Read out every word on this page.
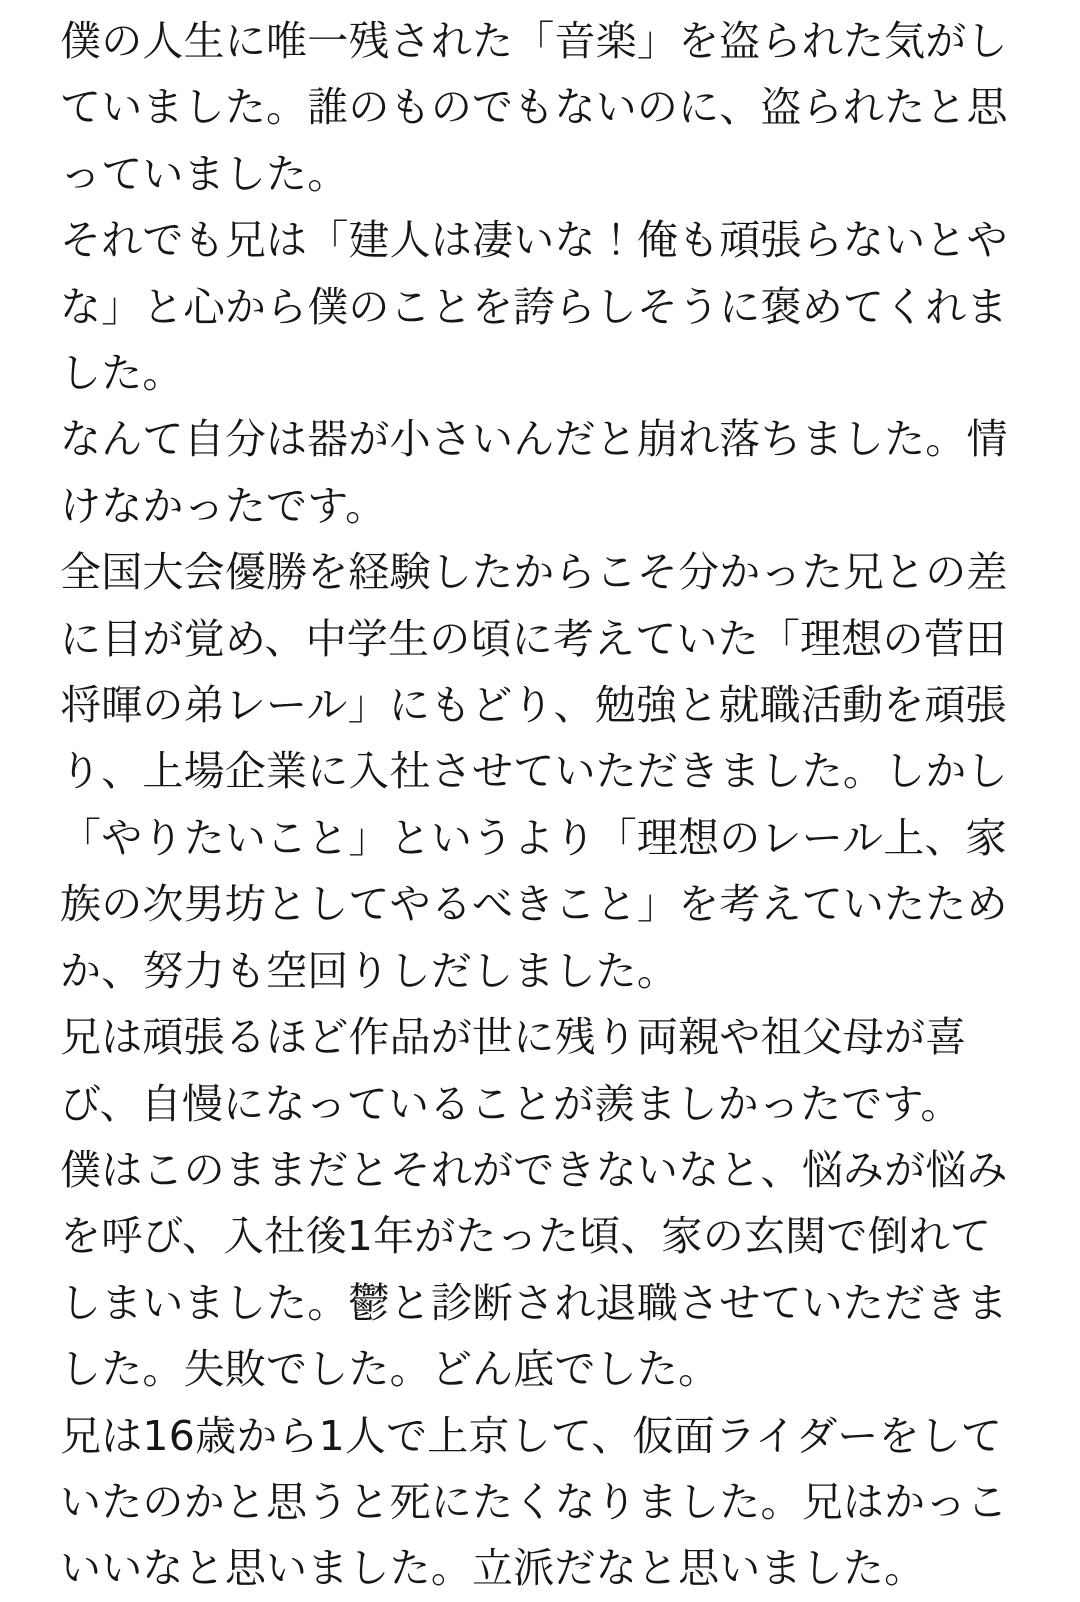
僕の人生に唯一残された「音楽」を盗られた気がしていました。誰のものでもないのに、盗られたと思っていました。

それでも兄は「建人は凄いな！俺も頑張らないとやな」と心から僕のことを誇らしそうに褒めてくれました。

なんて自分は器が小さいんだと崩れ落ちました。情けなかったです。

全国大会優勝を経験したからこそ分かった兄との差に目が覚め、中学生の頃に考えていた「理想の菅田将暉の弟レール」にもどり、勉強と就職活動を頑張り、上場企業に入社させていただきました。しかし「やりたいこと」というより「理想のレール上、家族の次男坊としてやるべきこと」を考えていたためか、努力も空回りしだしました。

兄は頑張るほど作品が世に残り両親や祖父母が喜び、自慢になっていることが羨ましかったです。

僕はこのままだとそれができないなと、悩みが悩みを呼び、入社後1年がたった頃、家の玄関で倒れてしまいました。鬱と診断され退職させていただきました。失敗でした。どん底でした。

兄は16歳から1人で上京して、仮面ライダーをしていたのかと思うと死にたくなりました。兄はかっこいいなと思いました。立派だなと思いました。
